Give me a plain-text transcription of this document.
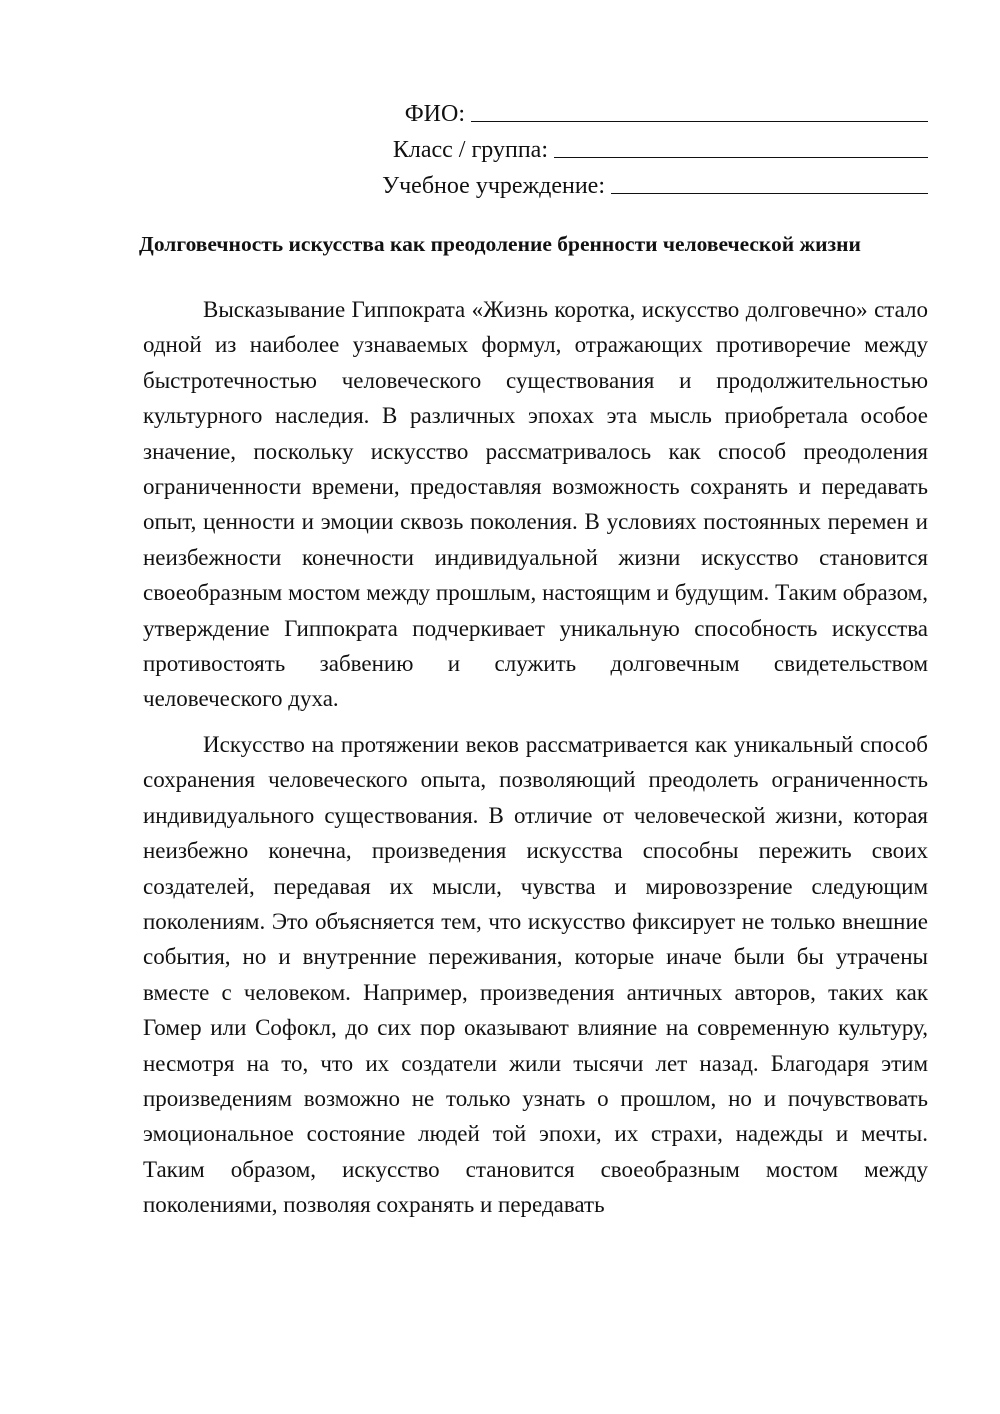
ФИО:
Класс / группа:
Учебное учреждение:
Долговечность искусства как преодоление бренности человеческой жизни

Высказывание Гиппократа «Жизнь коротка, искусство долговечно» стало одной из наиболее узнаваемых формул, отражающих противоречие между быстротечностью человеческого существования и продолжительностью культурного наследия. В различных эпохах эта мысль приобретала особое значение, поскольку искусство рассматривалось как способ преодоления ограниченности времени, предоставляя возможность сохранять и передавать опыт, ценности и эмоции сквозь поколения. В условиях постоянных перемен и неизбежности конечности индивидуальной жизни искусство становится своеобразным мостом между прошлым, настоящим и будущим. Таким образом, утверждение Гиппократа подчеркивает уникальную способность искусства противостоять забвению и служить долговечным свидетельством человеческого духа.

Искусство на протяжении веков рассматривается как уникальный способ сохранения человеческого опыта, позволяющий преодолеть ограниченность индивидуального существования. В отличие от человеческой жизни, которая неизбежно конечна, произведения искусства способны пережить своих создателей, передавая их мысли, чувства и мировоззрение следующим поколениям. Это объясняется тем, что искусство фиксирует не только внешние события, но и внутренние переживания, которые иначе были бы утрачены вместе с человеком. Например, произведения античных авторов, таких как Гомер или Софокл, до сих пор оказывают влияние на современную культуру, несмотря на то, что их создатели жили тысячи лет назад. Благодаря этим произведениям возможно не только узнать о прошлом, но и почувствовать эмоциональное состояние людей той эпохи, их страхи, надежды и мечты. Таким образом, искусство становится своеобразным мостом между поколениями, позволяя сохранять и передавать
